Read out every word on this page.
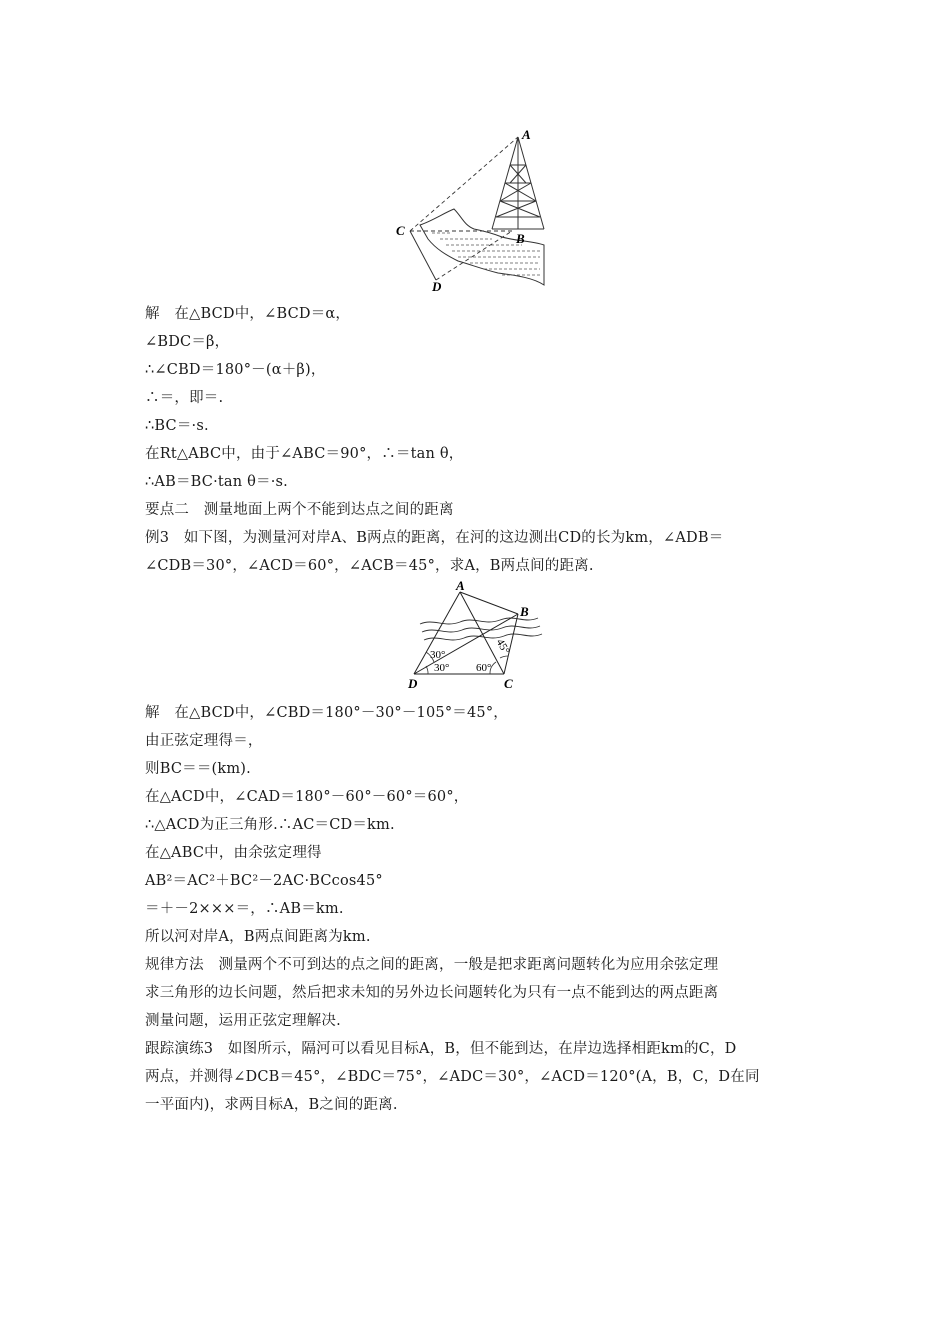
A
B
C
D
解　在△BCD中，∠BCD＝α，
∠BDC＝β，
∴∠CBD＝180°－(α＋β)，
∴＝，即＝.
∴BC＝·s.
在Rt△ABC中，由于∠ABC＝90°，∴＝tan θ，
∴AB＝BC·tan θ＝·s.
要点二　测量地面上两个不能到达点之间的距离
例3　如下图，为测量河对岸A、B两点的距离，在河的这边测出CD的长为km，∠ADB＝
∠CDB＝30°，∠ACD＝60°，∠ACB＝45°，求A，B两点间的距离.
A
B
C
D
30°
30° 60°
45°
解　在△BCD中，∠CBD＝180°－30°－105°＝45°，
由正弦定理得＝，
则BC＝＝(km).
在△ACD中，∠CAD＝180°－60°－60°＝60°，
∴△ACD为正三角形.∴AC＝CD＝km.
在△ABC中，由余弦定理得
AB²＝AC²＋BC²－2AC·BCcos45°
＝＋－2×××＝，∴AB＝km.
所以河对岸A，B两点间距离为km.
规律方法　测量两个不可到达的点之间的距离，一般是把求距离问题转化为应用余弦定理
求三角形的边长问题，然后把求未知的另外边长问题转化为只有一点不能到达的两点距离
测量问题，运用正弦定理解决.
跟踪演练3　如图所示，隔河可以看见目标A，B，但不能到达，在岸边选择相距km的C，D
两点，并测得∠DCB＝45°，∠BDC＝75°，∠ADC＝30°，∠ACD＝120°(A，B，C，D在同
一平面内)，求两目标A，B之间的距离.
